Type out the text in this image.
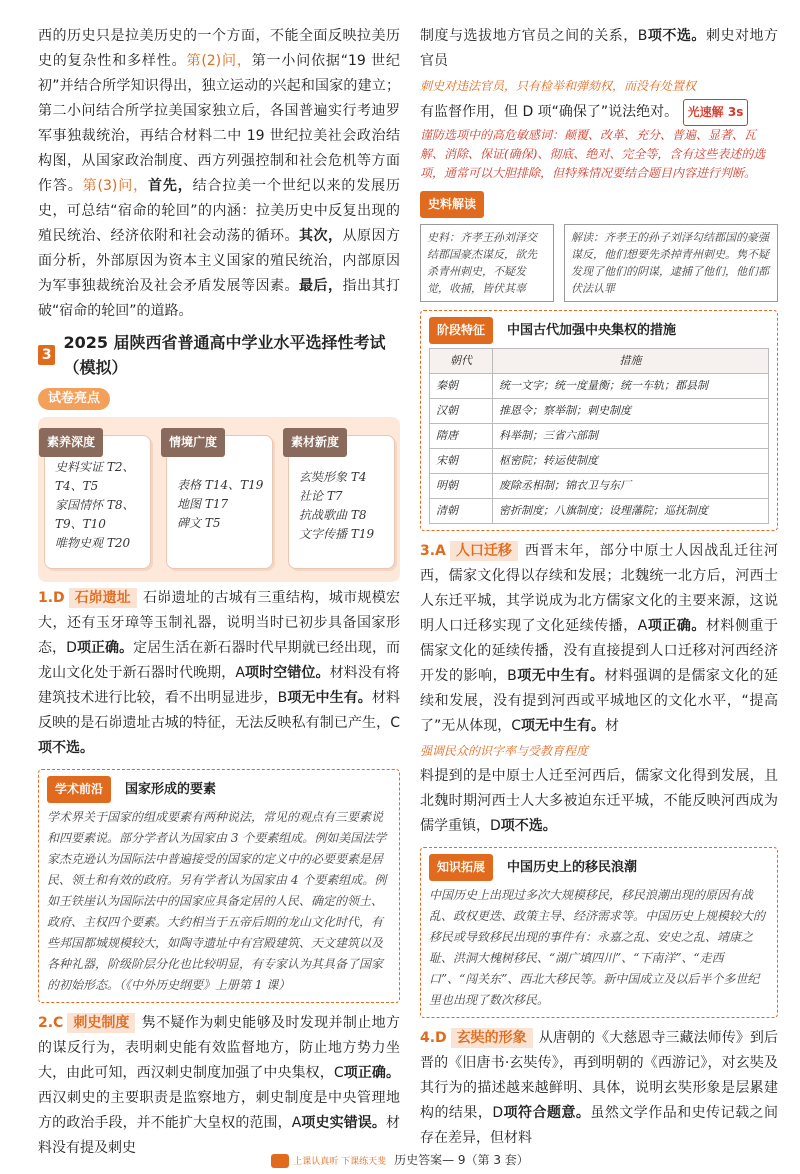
西的历史只是拉美历史的一个方面，不能全面反映拉美历史的复杂性和多样性。第(2)问，第一小问依据“19 世纪初”并结合所学知识得出，独立运动的兴起和国家的建立；第二小问结合所学拉美国家独立后，各国普遍实行考迪罗军事独裁统治，再结合材料二中 19 世纪拉美社会政治结构图，从国家政治制度、西方列强控制和社会危机等方面作答。第(3)问，首先，结合拉美一个世纪以来的发展历史，可总结“宿命的轮回”的内涵：拉美历史中反复出现的殖民统治、经济依附和社会动荡的循环。其次，从原因方面分析，外部原因为资本主义国家的殖民统治，内部原因为军事独裁统治及社会矛盾发展等因素。最后，指出其打破“宿命的轮回”的道路。

3
2025 届陕西省普通高中学业水平选择性考试（模拟）
试卷亮点
素养深度
史料实证 T2、
T4、T5
家国情怀 T8、
T9、T10
唯物史观 T20
情境广度
表格 T14、T19
地图 T17
碑文 T5
素材新度
玄奘形象 T4
社论 T7
抗战歌曲 T8
文字传播 T19

1.D 石峁遗址 石峁遗址的古城有三重结构，城市规模宏大，还有玉牙璋等玉制礼器，说明当时已初步具备国家形态，D项正确。定居生活在新石器时代早期就已经出现，而龙山文化处于新石器时代晚期，A项时空错位。材料没有将建筑技术进行比较，看不出明显进步，B项无中生有。材料反映的是石峁遗址古城的特征，无法反映私有制已产生，C项不选。

学术前沿	国家形成的要素
学术界关于国家的组成要素有两种说法，常见的观点有三要素说和四要素说。部分学者认为国家由 3 个要素组成。例如美国法学家杰克逊认为国际法中普遍接受的国家的定义中的必要要素是居民、领土和有效的政府。另有学者认为国家由 4 个要素组成。例如王铁崖认为国际法中的国家应具备定居的人民、确定的领土、政府、主权四个要素。大约相当于五帝后期的龙山文化时代，有些邦国都城规模较大，如陶寺遗址中有宫殿建筑、天文建筑以及各种礼器，阶级阶层分化也比较明显，有专家认为其具备了国家的初始形态。（《中外历史纲要》上册第 1 课）

2.C 刺史制度 隽不疑作为刺史能够及时发现并制止地方的谋反行为，表明刺史能有效监督地方，防止地方势力坐大，由此可知，西汉刺史制度加强了中央集权，C项正确。西汉刺史的主要职责是监察地方，刺史制度是中央管理地方的政治手段，并不能扩大皇权的范围，A项史实错误。材料没有提及刺史

制度与选拔地方官员之间的关系，B项不选。刺史对地方官员

刺史对违法官员，只有检举和弹劾权，而没有处置权

有监督作用，但 D 项“确保了”说法绝对。 光速解 3s

谨防选项中的高危敏感词：颠覆、改革、充分、普遍、显著、瓦解、消除、保证(确保)、彻底、绝对、完全等，含有这些表述的选项，通常可以大胆排除，但特殊情况要结合题目内容进行判断。
史料解读
史料：齐孝王孙刘泽交结郡国豪杰谋反，欲先杀青州刺史，不疑发觉，收捕，皆伏其辜
解读：齐孝王的孙子刘泽勾结郡国的豪强谋反，他们想要先杀掉青州刺史。隽不疑发现了他们的阴谋，逮捕了他们，他们都伏法认罪
阶段特征	中国古代加强中央集权的措施
朝代	措施
秦朝	统一文字；统一度量衡；统一车轨；郡县制
汉朝	推恩令；察举制；刺史制度
隋唐	科举制；三省六部制
宋朝	枢密院；转运使制度
明朝	废除丞相制；锦衣卫与东厂
清朝	密折制度；八旗制度；设理藩院；巡抚制度

3.A 人口迁移 西晋末年，部分中原士人因战乱迁往河西，儒家文化得以存续和发展；北魏统一北方后，河西士人东迁平城，其学说成为北方儒家文化的主要来源，这说明人口迁移实现了文化延续传播，A项正确。材料侧重于儒家文化的延续传播，没有直接提到人口迁移对河西经济开发的影响，B项无中生有。材料强调的是儒家文化的延续和发展，没有提到河西或平城地区的文化水平，“提高了”无从体现，C项无中生有。材

强调民众的识字率与受教育程度

料提到的是中原士人迁至河西后，儒家文化得到发展，且北魏时期河西士人大多被迫东迁平城，不能反映河西成为儒学重镇，D项不选。

知识拓展	中国历史上的移民浪潮
中国历史上出现过多次大规模移民，移民浪潮出现的原因有战乱、政权更迭、政策主导、经济需求等。中国历史上规模较大的移民或导致移民出现的事件有：永嘉之乱、安史之乱、靖康之耻、洪洞大槐树移民、“湖广填四川”、“下南洋”、“走西口”、“闯关东”、西北大移民等。新中国成立及以后半个多世纪里也出现了数次移民。

4.D 玄奘的形象 从唐朝的《大慈恩寺三藏法师传》到后晋的《旧唐书·玄奘传》，再到明朝的《西游记》，对玄奘及其行为的描述越来越鲜明、具体，说明玄奘形象是层累建构的结果，D项符合题意。虽然文学作品和史传记载之间存在差异，但材料

上课认真听 下课练天斐 历史答案— 9（第 3 套）
